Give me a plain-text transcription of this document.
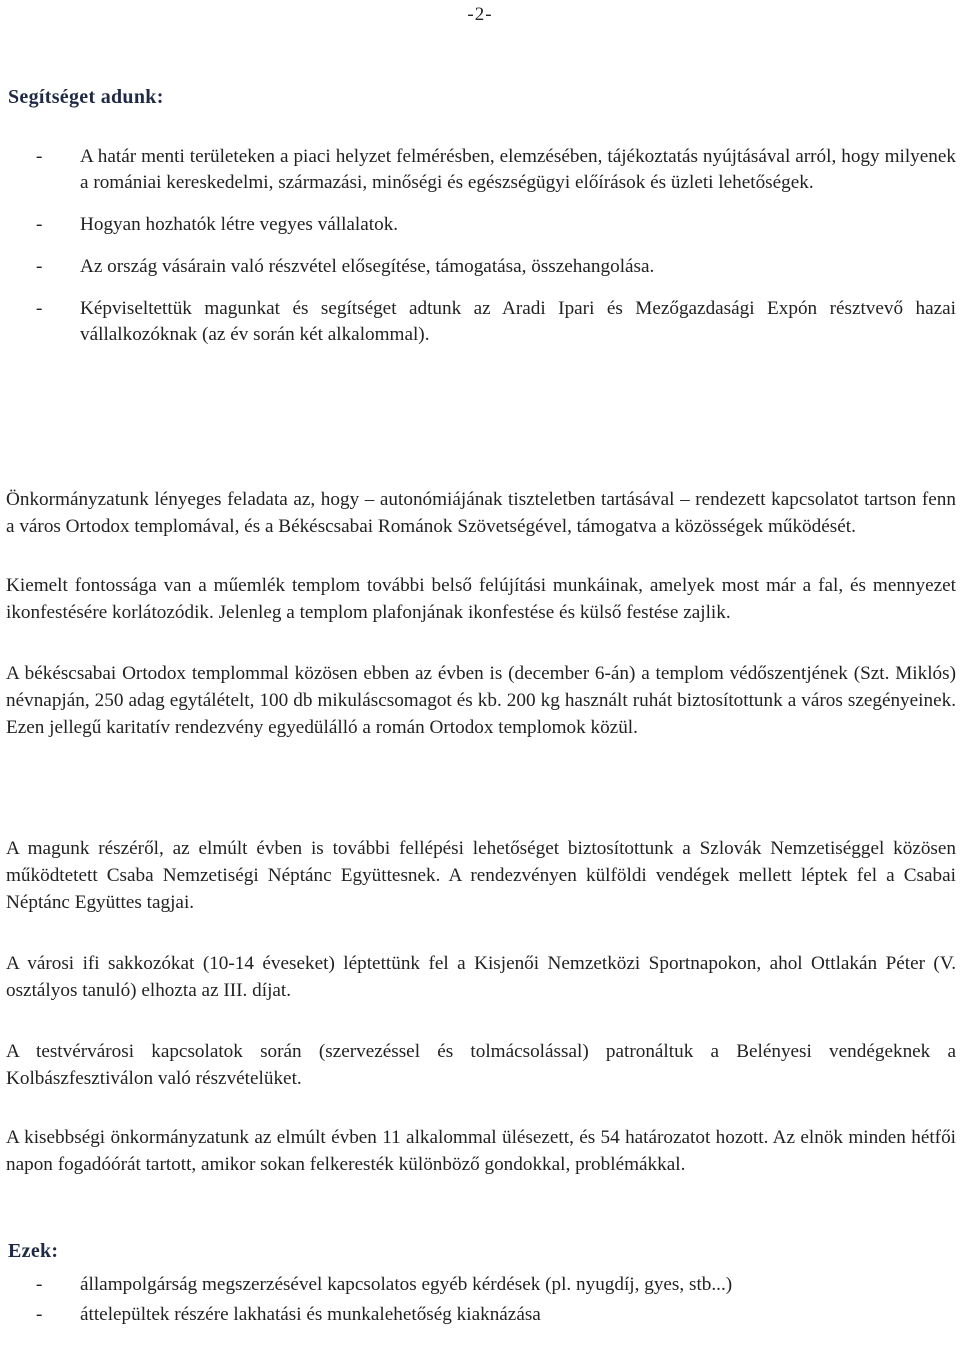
-2-
Segítséget adunk:
- A határ menti területeken a piaci helyzet felmérésben, elemzésében, tájékoztatás nyújtásával arról, hogy milyenek a romániai kereskedelmi, származási, minőségi és egészségügyi előírások és üzleti lehetőségek.
- Hogyan hozhatók létre vegyes vállalatok.
- Az ország vásárain való részvétel elősegítése, támogatása, összehangolása.
- Képviseltettük magunkat és segítséget adtunk az Aradi Ipari és Mezőgazdasági Expón résztvevő hazai vállalkozóknak (az év során két alkalommal).

Önkormányzatunk lényeges feladata az, hogy – autonómiájának tiszteletben tartásával – rendezett kapcsolatot tartson fenn a város Ortodox templomával, és a Békéscsabai Románok Szövetségével, támogatva a közösségek működését.

Kiemelt fontossága van a műemlék templom további belső felújítási munkáinak, amelyek most már a fal, és mennyezet ikonfestésére korlátozódik. Jelenleg a templom plafonjának ikonfestése és külső festése zajlik.

A békéscsabai Ortodox templommal közösen ebben az évben is (december 6-án) a templom védőszentjének (Szt. Miklós) névnapján, 250 adag egytálételt, 100 db mikuláscsomagot és kb. 200 kg használt ruhát biztosítottunk a város szegényeinek. Ezen jellegű karitatív rendezvény egyedülálló a román Ortodox templomok közül.

A magunk részéről, az elmúlt évben is további fellépési lehetőséget biztosítottunk a Szlovák Nemzetiséggel közösen működtetett Csaba Nemzetiségi Néptánc Együttesnek. A rendezvényen külföldi vendégek mellett léptek fel a Csabai Néptánc Együttes tagjai.

A városi ifi sakkozókat (10-14 éveseket) léptettünk fel a Kisjenői Nemzetközi Sportnapokon, ahol Ottlakán Péter (V. osztályos tanuló) elhozta az III. díjat.

A testvérvárosi kapcsolatok során (szervezéssel és tolmácsolással) patronáltuk a Belényesi vendégeknek a Kolbászfesztiválon való részvételüket.

A kisebbségi önkormányzatunk az elmúlt évben 11 alkalommal ülésezett, és 54 határozatot hozott. Az elnök minden hétfői napon fogadóórát tartott, amikor sokan felkeresték különböző gondokkal, problémákkal.

Ezek:
- állampolgárság megszerzésével kapcsolatos egyéb kérdések (pl. nyugdíj, gyes, stb...)
- áttelepültek részére lakhatási és munkalehetőség kiaknázása
